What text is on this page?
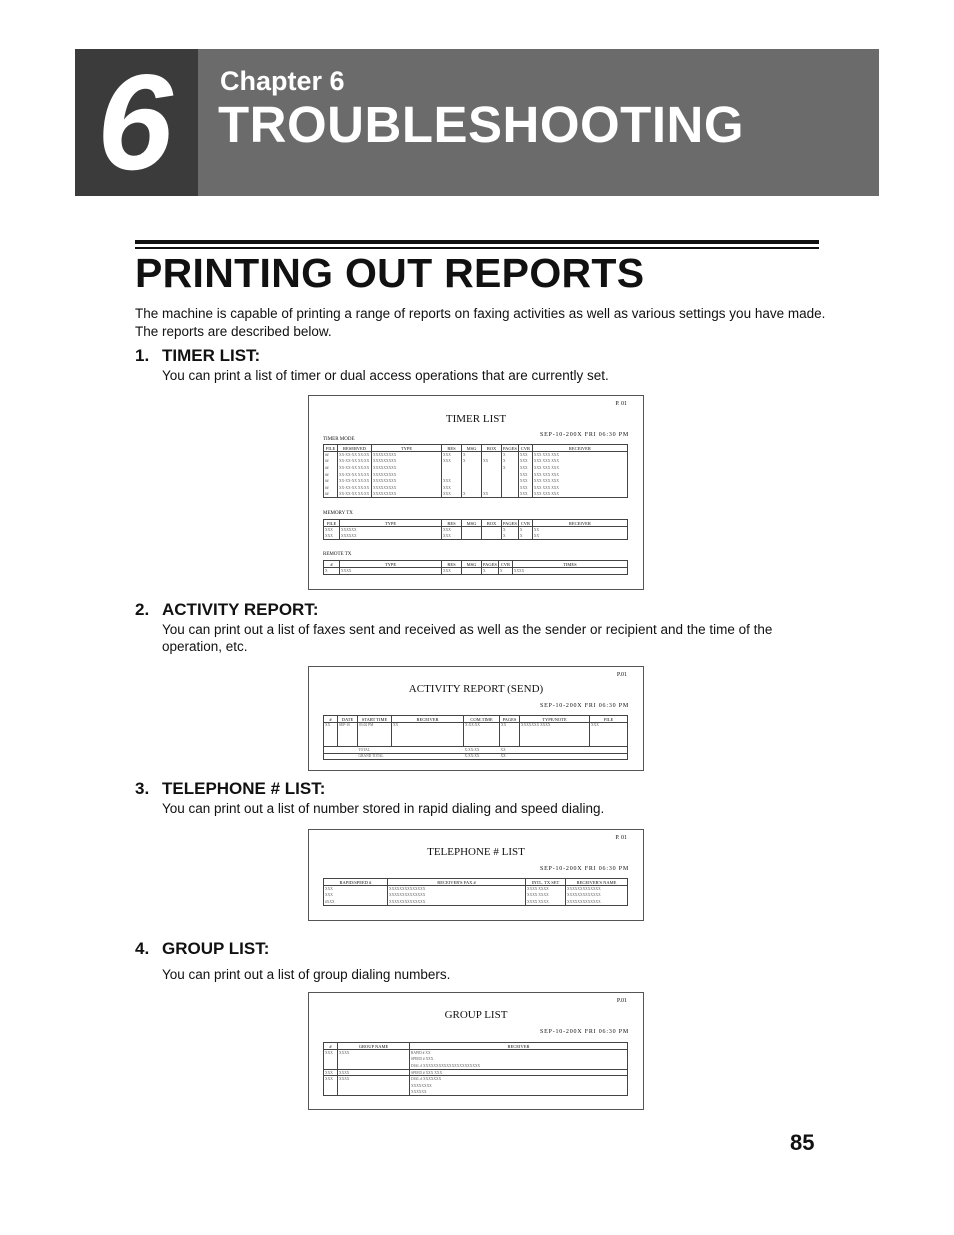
6 Chapter 6
TROUBLESHOOTING
PRINTING OUT REPORTS
The machine is capable of printing a range of reports on faxing activities as well as various settings you have made. The reports are described below.
1. TIMER LIST:
You can print a list of timer or dual access operations that are currently set.
P. 01
TIMER LIST
SEP-10-200X FRI 06:30 PM
TIMER MODE
FILE	RESERVED	TYPE	RES	MSG	BOX	PAGES	CVR	RECEIVER
##	XX-XX-XX XX:XX	XXXXXXXXX	XXX	X		X	XXX	XXX XXX XXX
##	XX-XX-XX XX:XX	XXXXXXXXX	XXX	X	XX	X	XXX	XXX XXX XXX
##	XX-XX-XX XX:XX	XXXXXXXXX				X	XXX	XXX XXX XXX
##	XX-XX-XX XX:XX	XXXXXXXXX					XXX	XXX XXX XXX
##	XX-XX-XX XX:XX	XXXXXXXXX	XXX				XXX	XXX XXX XXX
##	XX-XX-XX XX:XX	XXXXXXXXX	XXX				XXX	XXX XXX XXX
##	XX-XX-XX XX:XX	XXXXXXXXX	XXX	X	XX		XXX	XXX XXX XXX
MEMORY TX
FILE	TYPE	RES	MSG	BOX	PAGES	CVR	RECEIVER
XXX	XXXXXX	XXX			X	X	XX
XXX	XXXXXX	XXX			X	X	XX
REMOTE TX
#	TYPE	RES	MSG	PAGES	CVR	TIMES
X	XXXX	XXX		X	X	XXXX
2. ACTIVITY REPORT:
You can print out a list of faxes sent and received as well as the sender or recipient and the time of the operation, etc.
P.01
ACTIVITY REPORT (SEND)
SEP-10-200X FRI 06:30 PM
#	DATE	START TIME	RECEIVER	COM.TIME	PAGES	TYPE/NOTE	FILE
XX	SEP-10	03:02 PM	XX	X:XX:XX	XX	XXXXXXX XXXX	XXX
		TOTAL		X:XX:XX	XX		
		GRAND TOTAL		X:XX:XX	XX		
3. TELEPHONE # LIST:
You can print out a list of number stored in rapid dialing and speed dialing.
P. 01
TELEPHONE # LIST
SEP-10-200X FRI 06:30 PM
RAPID/SPEED #	RECEIVER'S FAX #	INTL. TX SET	RECEIVER'S NAME
XXX	XXXXXXXXXXXXXX	XXXX XXXX	XXXXXXXXXXXXX
XXX	XXXXXXXXXXXXXX	XXXX XXXX	XXXXXXXXXXXXX
#XXX	XXXXXXXXXXXXXX	XXXX XXXX	XXXXXXXXXXXXX
4. GROUP LIST:
You can print out a list of group dialing numbers.
P.01
GROUP LIST
SEP-10-200X FRI 06:30 PM
#	GROUP NAME	RECEIVER
XXX	XXXX	RAPID # XX
		SPEED # XXX
		DIAL # XXXXXXXXXXXXXXXXXXXXXX
XXX	XXXX	SPEED # XXX XXX
XXX	XXXX	DIAL # XXXXXXX
		XXXXXXXX
		XXXXXX
85
